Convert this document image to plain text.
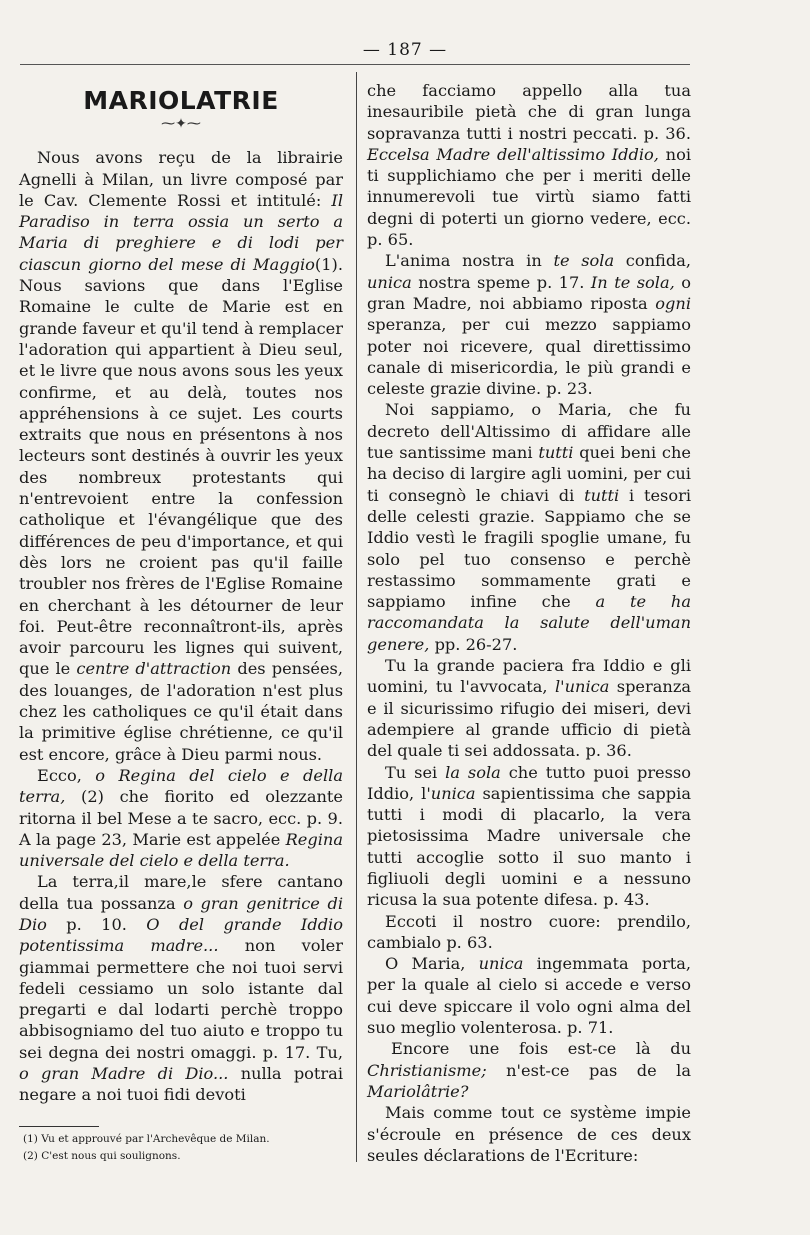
— 187 —
MARIOLATRIE
⁓✦⁓

Nous avons reçu de la librairie Agnelli à Milan, un livre composé par le Cav. Clemente Rossi et intitulé: Il Paradiso in terra ossia un serto a Maria di preghiere e di lodi per ciascun giorno del mese di Maggio(1). Nous savions que dans l'Eglise Romaine le culte de Marie est en grande faveur et qu'il tend à remplacer l'adoration qui appartient à Dieu seul, et le livre que nous avons sous les yeux confirme, et au delà, toutes nos appréhensions à ce sujet. Les courts extraits que nous en présentons à nos lecteurs sont destinés à ouvrir les yeux des nombreux protestants qui n'entrevoient entre la confession catholique et l'évangélique que des différences de peu d'importance, et qui dès lors ne croient pas qu'il faille troubler nos frères de l'Eglise Romaine en cherchant à les détourner de leur foi. Peut-être reconnaîtront-ils, après avoir parcouru les lignes qui suivent, que le centre d'attraction des pensées, des louanges, de l'adoration n'est plus chez les catholiques ce qu'il était dans la primitive église chrétienne, ce qu'il est encore, grâce à Dieu parmi nous.

Ecco, o Regina del cielo e della terra, (2) che fiorito ed olezzante ritorna il bel Mese a te sacro, ecc. p. 9. A la page 23, Marie est appelée Regina universale del cielo e della terra.

La terra,il mare,le sfere cantano della tua possanza o gran genitrice di Dio p. 10. O del grande Iddio potentissima madre... non voler giammai permettere che noi tuoi servi fedeli cessiamo un solo istante dal pregarti e dal lodarti perchè troppo abbisogniamo del tuo aiuto e troppo tu sei degna dei nostri omaggi. p. 17. Tu, o gran Madre di Dio... nulla potrai negare a noi tuoi fidi devoti

(1) Vu et approuvé par l'Archevêque de Milan.

(2) C'est nous qui soulignons.

che facciamo appello alla tua inesauribile pietà che di gran lunga sopravanza tutti i nostri peccati. p. 36. Eccelsa Madre dell'altissimo Iddio, noi ti supplichiamo che per i meriti delle innumerevoli tue virtù siamo fatti degni di poterti un giorno vedere, ecc. p. 65.

L'anima nostra in te sola confida, unica nostra speme p. 17. In te sola, o gran Madre, noi abbiamo riposta ogni speranza, per cui mezzo sappiamo poter noi ricevere, qual direttissimo canale di misericordia, le più grandi e celeste grazie divine. p. 23.

Noi sappiamo, o Maria, che fu decreto dell'Altissimo di affidare alle tue santissime mani tutti quei beni che ha deciso di largire agli uomini, per cui ti consegnò le chiavi di tutti i tesori delle celesti grazie. Sappiamo che se Iddio vestì le fragili spoglie umane, fu solo pel tuo consenso e perchè restassimo sommamente grati e sappiamo infine che a te ha raccomandata la salute dell'uman genere, pp. 26-27.

Tu la grande paciera fra Iddio e gli uomini, tu l'avvocata, l'unica speranza e il sicurissimo rifugio dei miseri, devi adempiere al grande ufficio di pietà del quale ti sei addossata. p. 36.

Tu sei la sola che tutto puoi presso Iddio, l'unica sapientissima che sappia tutti i modi di placarlo, la vera pietosissima Madre universale che tutti accoglie sotto il suo manto i figliuoli degli uomini e a nessuno ricusa la sua potente difesa. p. 43.

Eccoti il nostro cuore: prendilo, cambialo p. 63.

O Maria, unica ingemmata porta, per la quale al cielo si accede e verso cui deve spiccare il volo ogni alma del suo meglio volenterosa. p. 71.

Encore une fois est-ce là du Christianisme; n'est-ce pas de la Mariolâtrie?

Mais comme tout ce système impie s'écroule en présence de ces deux seules déclarations de l'Ecriture:
